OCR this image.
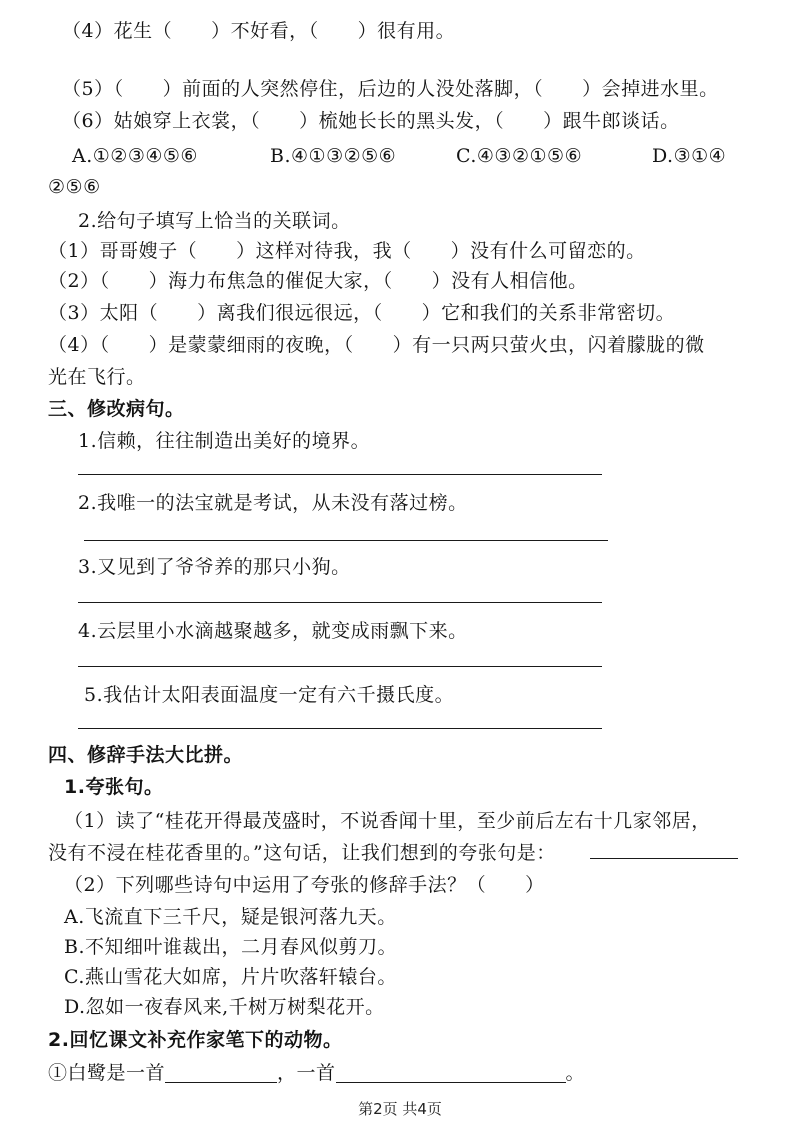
（4）花生（　　）不好看，（　　）很有用。
（5）（　　）前面的人突然停住，后边的人没处落脚，（　　）会掉进水里。
（6）姑娘穿上衣裳，（　　）梳她长长的黑头发，（　　）跟牛郎谈话。
A.①②③④⑤⑥	B.④①③②⑤⑥	C.④③②①⑤⑥	D.③①④
②⑤⑥
2.给句子填写上恰当的关联词。
（1）哥哥嫂子（　　）这样对待我，我（　　）没有什么可留恋的。
（2）（　　）海力布焦急的催促大家，（　　）没有人相信他。
（3）太阳（　　）离我们很远很远，（　　）它和我们的关系非常密切。
（4）（　　）是蒙蒙细雨的夜晚，（　　）有一只两只萤火虫，闪着朦胧的微
光在飞行。
三、修改病句。
1.信赖，往往制造出美好的境界。
2.我唯一的法宝就是考试，从未没有落过榜。
3.又见到了爷爷养的那只小狗。
4.云层里小水滴越聚越多，就变成雨飘下来。
5.我估计太阳表面温度一定有六千摄氏度。
四、修辞手法大比拼。
1.夸张句。
（1）读了“桂花开得最茂盛时，不说香闻十里，至少前后左右十几家邻居，
没有不浸在桂花香里的。”这句话，让我们想到的夸张句是：
（2）下列哪些诗句中运用了夸张的修辞手法？（　　）
A.飞流直下三千尺，疑是银河落九天。
B.不知细叶谁裁出，二月春风似剪刀。
C.燕山雪花大如席，片片吹落轩辕台。
D.忽如一夜春风来,千树万树梨花开。
2.回忆课文补充作家笔下的动物。
①白鹭是一首	，一首	。
第2页 共4页
